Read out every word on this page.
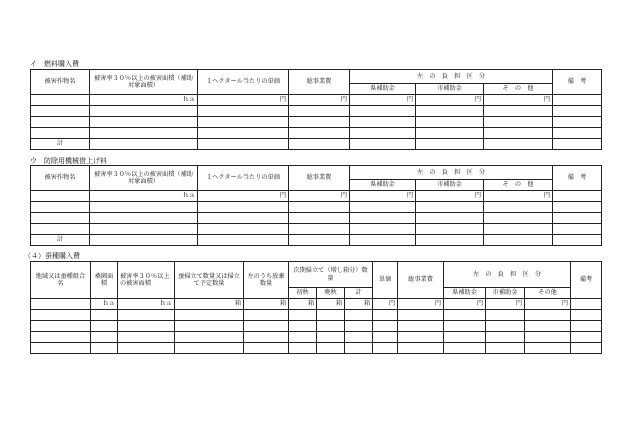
イ　燃料購入費
被害作物名	被害率３０％以上の被害面積（補助対象面積）	１ヘクタール当たりの単価	総事業費	左　の　負　担　区　分			備　考
				県補助金	市補助金	そ　の　他	
	ｈａ	円	円	円	円	円	

計							
ウ　防除用機械借上げ料
被害作物名	被害率３０％以上の被害面積（補助対象面積）	１ヘクタール当たりの単価	総事業費	左　の　負　担　区　分			備　考
				県補助金	市補助金	そ　の　他	
	ｈａ	円	円	円	円	円	

計							
（４）蚕種購入費
地域又は蚕種組合名	桑園面積	被害率３０％以上の被害面積	蚕掃立て数量又は掃立て予定数量	左のうち放棄数量	次期掃立て（増し箱分）数量			単価	総事業費	左　の　負　担　区　分			備考
					初秋	晩秋	計			県補助金	市補助金	その他	
	ｈａ	ｈａ	箱	箱	箱	箱	箱	円	円	円	円	円	
